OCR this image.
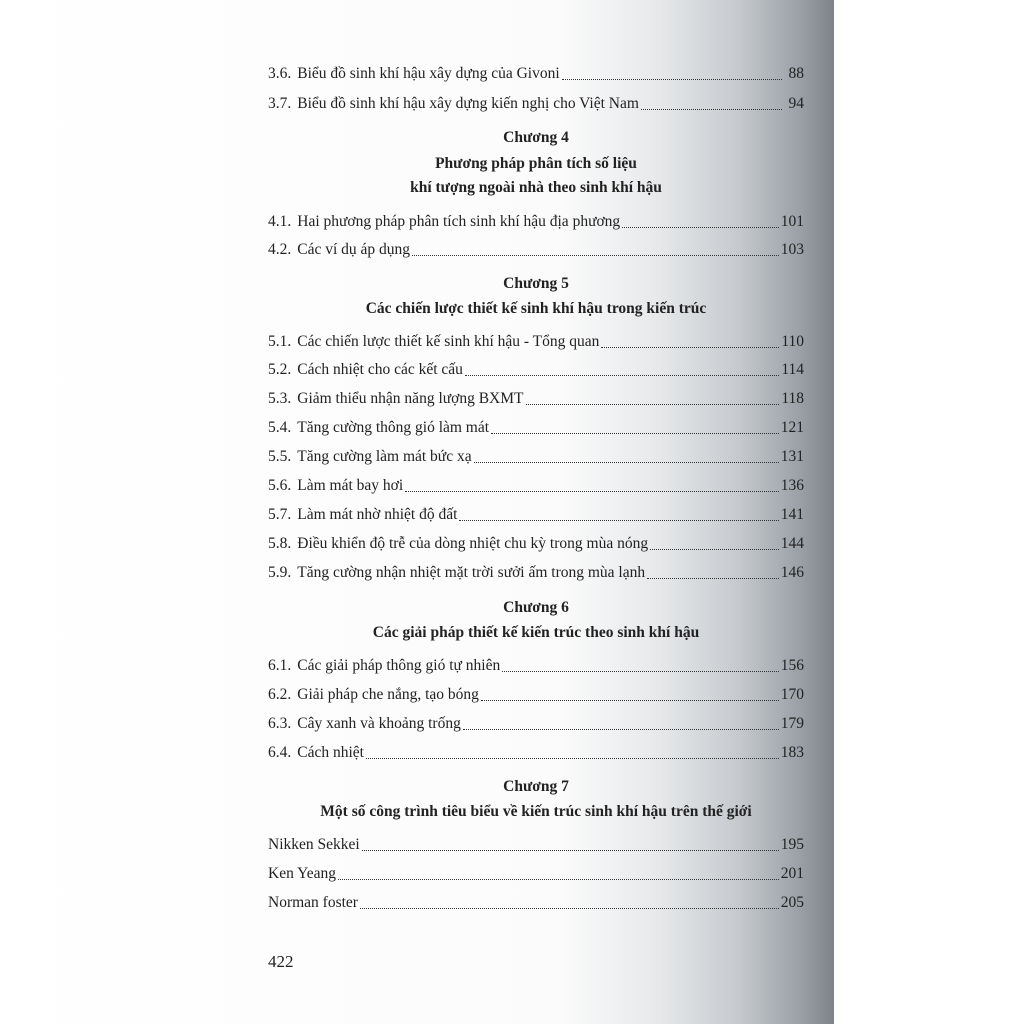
3.6. Biểu đồ sinh khí hậu xây dựng của Givoni	88
3.7. Biểu đồ sinh khí hậu xây dựng kiến nghị cho Việt Nam	94
Chương 4
Phương pháp phân tích số liệu
khí tượng ngoài nhà theo sinh khí hậu
4.1. Hai phương pháp phân tích sinh khí hậu địa phương	101
4.2. Các ví dụ áp dụng	103
Chương 5
Các chiến lược thiết kế sinh khí hậu trong kiến trúc
5.1. Các chiến lược thiết kế sinh khí hậu - Tổng quan	110
5.2. Cách nhiệt cho các kết cấu	114
5.3. Giảm thiểu nhận năng lượng BXMT	118
5.4. Tăng cường thông gió làm mát	121
5.5. Tăng cường làm mát bức xạ	131
5.6. Làm mát bay hơi	136
5.7. Làm mát nhờ nhiệt độ đất	141
5.8. Điều khiển độ trễ của dòng nhiệt chu kỳ trong mùa nóng	144
5.9. Tăng cường nhận nhiệt mặt trời sưởi ấm trong mùa lạnh	146
Chương 6
Các giải pháp thiết kế kiến trúc theo sinh khí hậu
6.1. Các giải pháp thông gió tự nhiên	156
6.2. Giải pháp che nắng, tạo bóng	170
6.3. Cây xanh và khoảng trống	179
6.4. Cách nhiệt	183
Chương 7
Một số công trình tiêu biểu về kiến trúc sinh khí hậu trên thế giới
Nikken Sekkei	195
Ken Yeang	201
Norman foster	205
422
